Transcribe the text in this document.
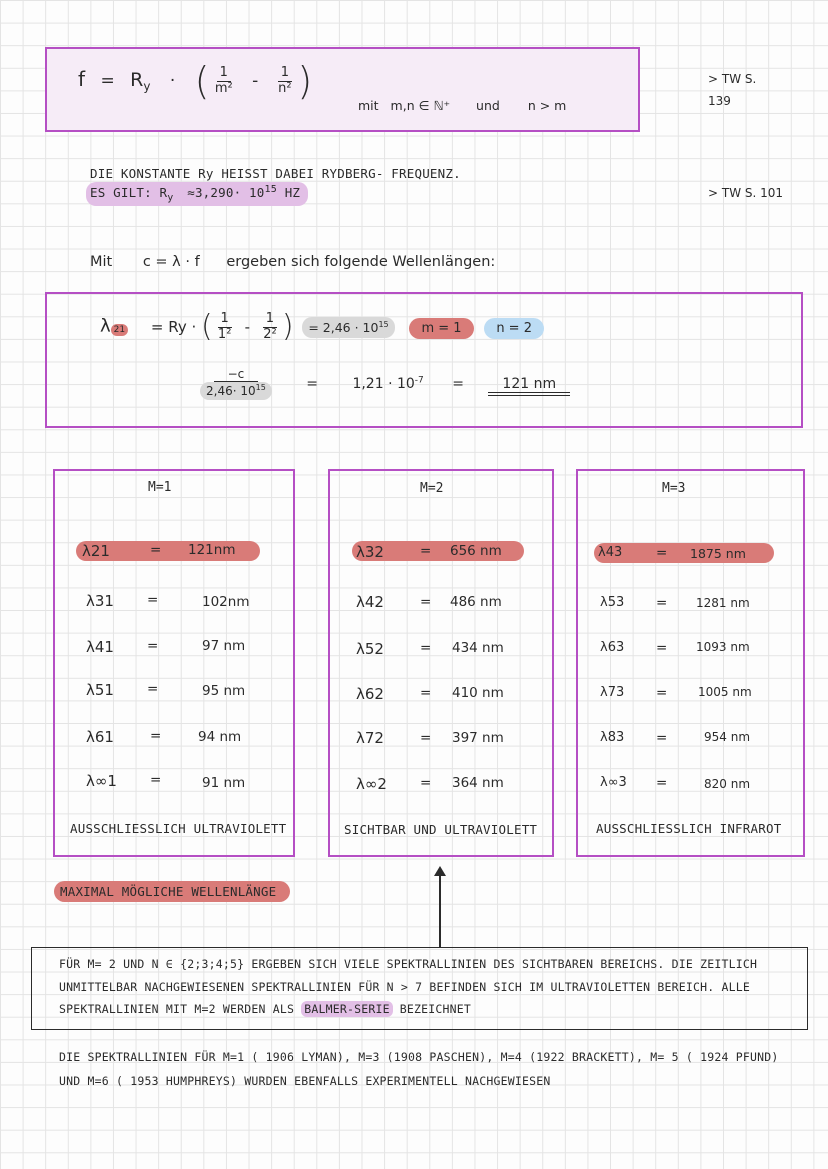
$f = R_y$ · ( $\frac{1}{\text{m²}} - \frac{1}{\text{n²}}$ )
mit m,n ∈ ℕ⁺ und n > m
> TW S.
139
> TW S. 101
DIE KONSTANTE Ry HEISST DABEI RYDBERG- FREQUENZ.
ES GILT: $R_y \approx 3,290\cdot 10^{15}$ HZ
Mit c = λ · f ergeben sich folgende Wellenlängen:
λ 21 = Ry · ( $\frac{1}{\text{1²}} - \frac{1}{\text{2²}}$ ) = $2,46 \cdot 10^{15}$	m = 1	n = 2
$\frac{-c}{2,46\cdot 10^{15}} = 1,21 \cdot 10^{-7}$ =	121 nm
M=1	M=2	M=3
λ21	= 121nm
λ31 =	102nm
λ41 =	97 nm
λ51 =	95 nm
λ61	=	94 nm
λ∞1 =	91 nm
AUSSCHLIESSLICH ULTRAVIOLETT
λ32	= 656 nm
λ42	= 486 nm
λ52	= 434 nm
λ62	= 410 nm
λ72	= 397 nm
λ∞2 = 364 nm
SICHTBAR UND ULTRAVIOLETT
λ43	= 1875 nm
λ53 = 1281 nm
λ63 = 1093 nm
λ73 =	1005 nm
λ83 =	954 nm
λ∞3 =	820 nm
AUSSCHLIESSLICH INFRAROT
MAXIMAL MÖGLICHE WELLENLÄNGE
FÜR M= 2 UND N ∈ {2;3;4;5} ERGEBEN SICH VIELE SPEKTRALLINIEN DES SICHTBAREN BEREICHS. DIE ZEITLICH
UNMITTELBAR NACHGEWIESENEN SPEKTRALLINIEN FÜR N > 7 BEFINDEN SICH IM ULTRAVIOLETTEN BEREICH. ALLE
SPEKTRALLINIEN MIT M=2 WERDEN ALS BALMER-SERIE BEZEICHNET
DIE SPEKTRALLINIEN FÜR M=1 ( 1906 LYMAN), M=3 (1908 PASCHEN), M=4 (1922 BRACKETT), M= 5 ( 1924 PFUND)
UND M=6 ( 1953 HUMPHREYS) WURDEN EBENFALLS EXPERIMENTELL NACHGEWIESEN
